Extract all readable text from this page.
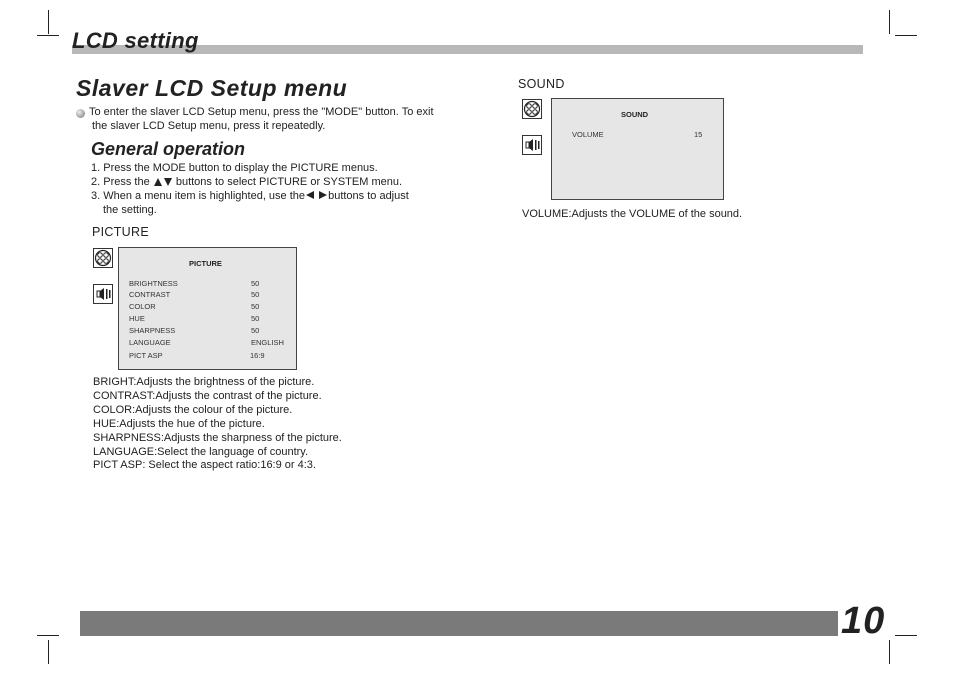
LCD setting
Slaver LCD Setup menu
To enter the slaver LCD Setup menu, press the "MODE" button. To exit
the slaver LCD Setup menu, press it repeatedly.
General operation
1. Press the MODE button to display the PICTURE menus.
2. Press the buttons to select PICTURE or SYSTEM menu.
3. When a menu item is highlighted, use the buttons to adjust
the setting.
PICTURE
PICTURE
BRIGHTNESS	50
CONTRAST	50
COLOR	50
HUE	50
SHARPNESS	50
LANGUAGE	ENGLISH
PICT ASP	16:9
BRIGHT:Adjusts the brightness of the picture.
CONTRAST:Adjusts the contrast of the picture.
COLOR:Adjusts the colour of the picture.
HUE:Adjusts the hue of the picture.
SHARPNESS:Adjusts the sharpness of the picture.
LANGUAGE:Select the language of country.
PICT ASP: Select the aspect ratio:16:9 or 4:3.
SOUND
SOUND
VOLUME	15
VOLUME:Adjusts the VOLUME of the sound.
10
